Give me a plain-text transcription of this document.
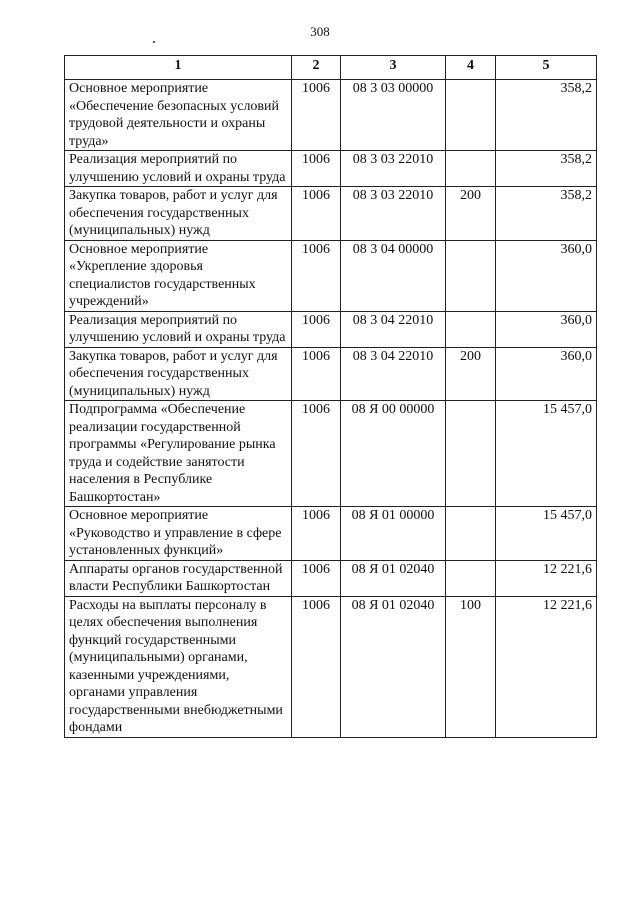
308
1	2	3	4	5
Основное мероприятие «Обеспечение безопасных условий трудовой деятельности и охраны труда»	1006	08 3 03 00000		358,2
Реализация мероприятий по улучшению условий и охраны труда	1006	08 3 03 22010		358,2
Закупка товаров, работ и услуг для обеспечения государственных (муниципальных) нужд	1006	08 3 03 22010	200	358,2
Основное мероприятие «Укрепление здоровья специалистов государственных учреждений»	1006	08 3 04 00000		360,0
Реализация мероприятий по улучшению условий и охраны труда	1006	08 3 04 22010		360,0
Закупка товаров, работ и услуг для обеспечения государственных (муниципальных) нужд	1006	08 3 04 22010	200	360,0
Подпрограмма «Обеспечение реализации государственной программы «Регулирование рынка труда и содействие занятости населения в Республике Башкортостан»	1006	08 Я 00 00000		15 457,0
Основное мероприятие «Руководство и управление в сфере установленных функций»	1006	08 Я 01 00000		15 457,0
Аппараты органов государственной власти Республики Башкортостан	1006	08 Я 01 02040		12 221,6
Расходы на выплаты персоналу в целях обеспечения выполнения функций государственными (муниципальными) органами, казенными учреждениями, органами управления государственными внебюджетными фондами	1006	08 Я 01 02040	100	12 221,6
